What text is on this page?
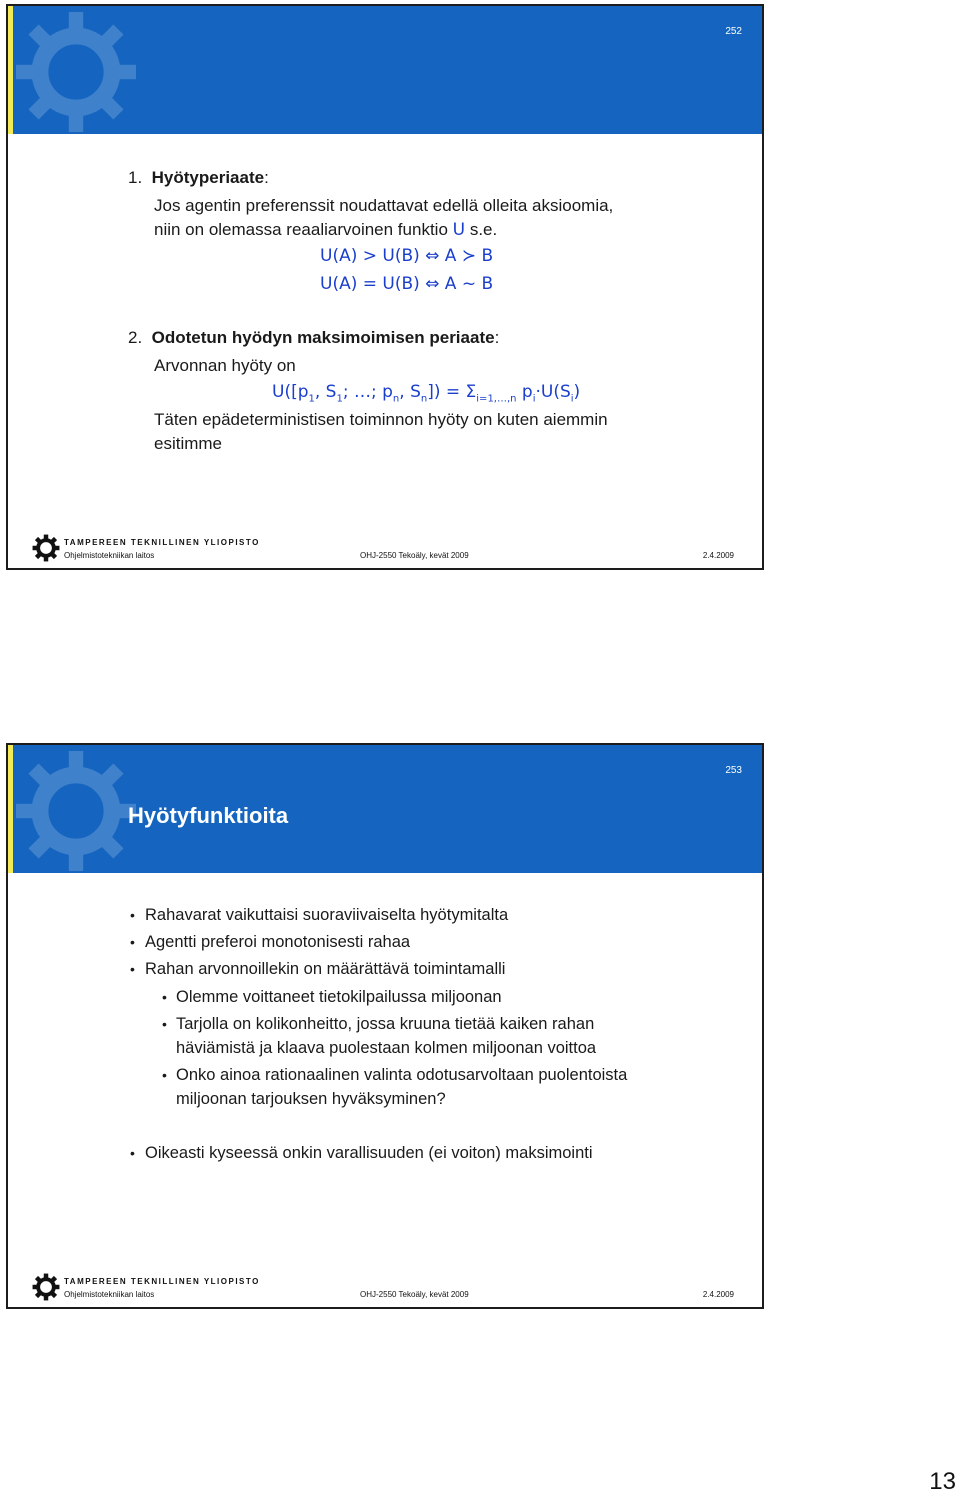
252
1. Hyötyperiaate:
Jos agentin preferenssit noudattavat edellä olleita aksioomia,
niin on olemassa reaaliarvoinen funktio U s.e.
U(A) > U(B) ⇔ A ≻ B
U(A) = U(B) ⇔ A ~ B
2. Odotetun hyödyn maksimoimisen periaate:
Arvonnan hyöty on
$U([p_1$, $S_1$; …; $p_n$, $S_n]) = \Sigma_{i=1,\dots,n}$ $p_i\cdot U(S_i)$
Täten epädeterministisen toiminnon hyöty on kuten aiemmin
esitimme
TAMPEREEN TEKNILLINEN YLIOPISTO
Ohjelmistotekniikan laitos	OHJ-2550 Tekoäly, kevät 2009	2.4.2009
253
Hyötyfunktioita
• Rahavarat vaikuttaisi suoraviivaiselta hyötymitalta
• Agentti preferoi monotonisesti rahaa
• Rahan arvonnoillekin on määrättävä toimintamalli
• Olemme voittaneet tietokilpailussa miljoonan
• Tarjolla on kolikonheitto, jossa kruuna tietää kaiken rahan
häviämistä ja klaava puolestaan kolmen miljoonan voittoa
• Onko ainoa rationaalinen valinta odotusarvoltaan puolentoista
miljoonan tarjouksen hyväksyminen?
• Oikeasti kyseessä onkin varallisuuden (ei voiton) maksimointi
TAMPEREEN TEKNILLINEN YLIOPISTO
Ohjelmistotekniikan laitos	OHJ-2550 Tekoäly, kevät 2009	2.4.2009
13
